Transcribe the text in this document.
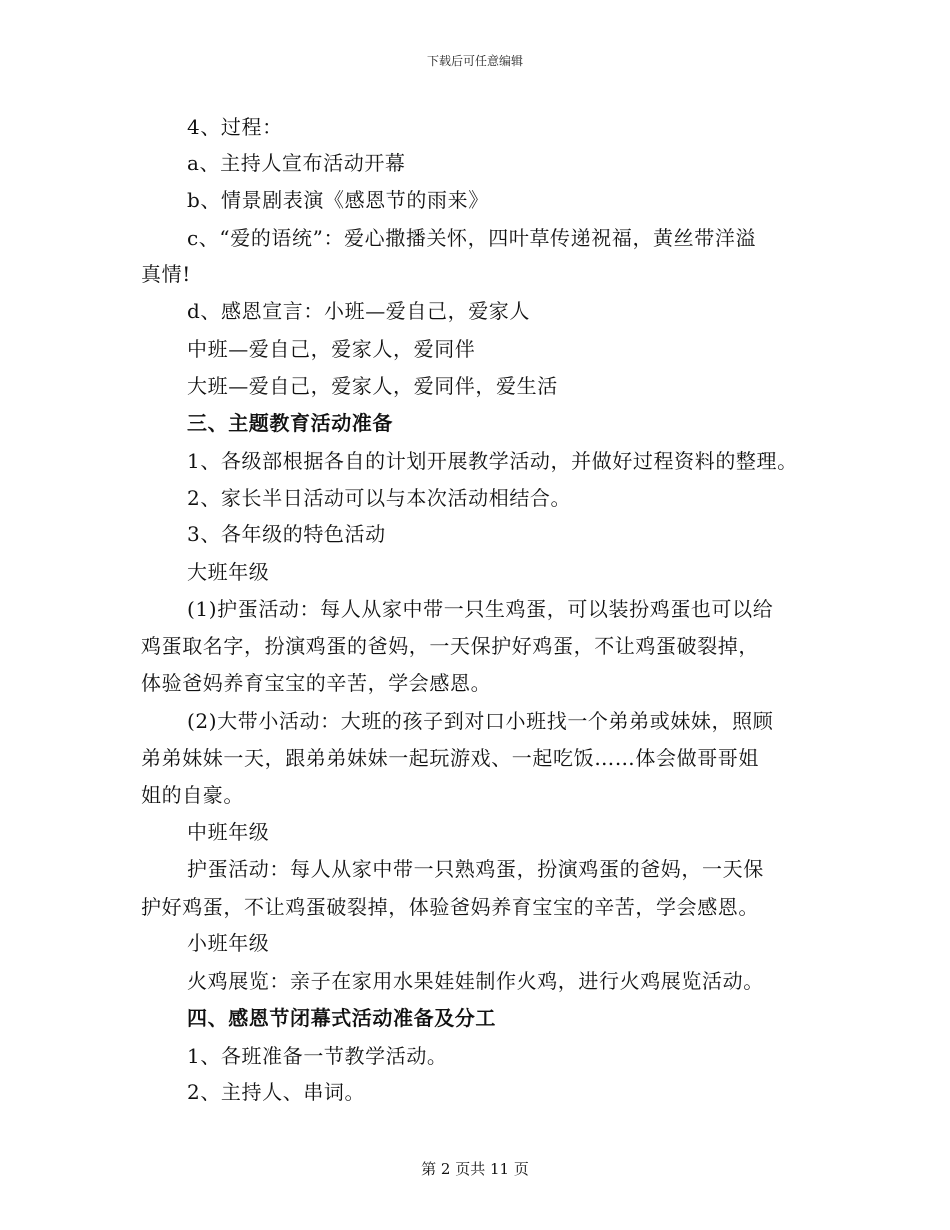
下载后可任意编辑
4、过程：
a、主持人宣布活动开幕
b、情景剧表演《感恩节的雨来》
c、“爱的语统”：爱心撒播关怀，四叶草传递祝福，黄丝带洋溢
真情!
d、感恩宣言：小班—爱自己，爱家人
中班—爱自己，爱家人，爱同伴
大班—爱自己，爱家人，爱同伴，爱生活
三、主题教育活动准备
1、各级部根据各自的计划开展教学活动，并做好过程资料的整理。
2、家长半日活动可以与本次活动相结合。
3、各年级的特色活动
大班年级
(1)护蛋活动：每人从家中带一只生鸡蛋，可以装扮鸡蛋也可以给
鸡蛋取名字，扮演鸡蛋的爸妈，一天保护好鸡蛋，不让鸡蛋破裂掉，
体验爸妈养育宝宝的辛苦，学会感恩。
(2)大带小活动：大班的孩子到对口小班找一个弟弟或妹妹，照顾
弟弟妹妹一天，跟弟弟妹妹一起玩游戏、一起吃饭……体会做哥哥姐
姐的自豪。
中班年级
护蛋活动：每人从家中带一只熟鸡蛋，扮演鸡蛋的爸妈，一天保
护好鸡蛋，不让鸡蛋破裂掉，体验爸妈养育宝宝的辛苦，学会感恩。
小班年级
火鸡展览：亲子在家用水果娃娃制作火鸡，进行火鸡展览活动。
四、感恩节闭幕式活动准备及分工
1、各班准备一节教学活动。
2、主持人、串词。
第 2 页共 11 页
